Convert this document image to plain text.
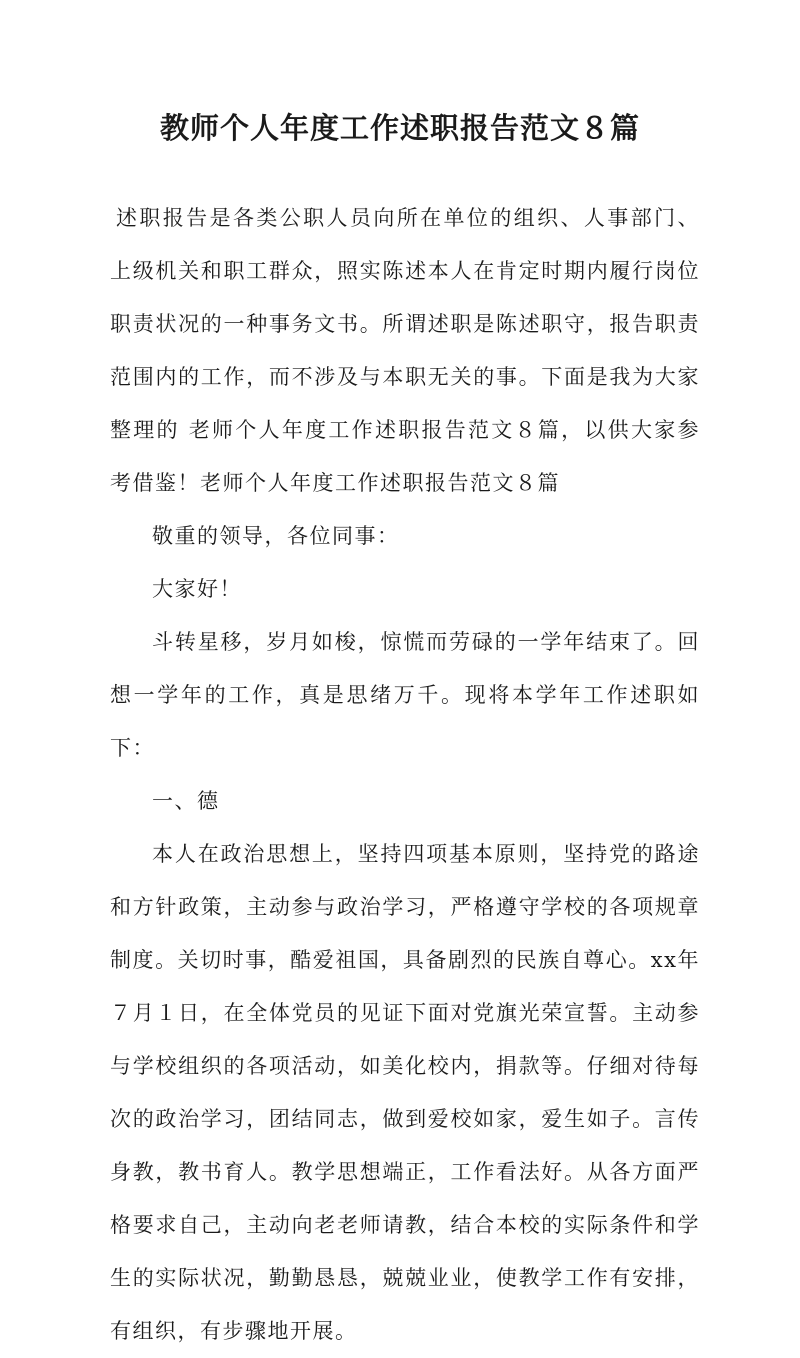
教师个人年度工作述职报告范文８篇

述职报告是各类公职人员向所在单位的组织、人事部门、上级机关和职工群众，照实陈述本人在肯定时期内履行岗位职责状况的一种事务文书。所谓述职是陈述职守，报告职责范围内的工作，而不涉及与本职无关的事。下面是我为大家整理的 老师个人年度工作述职报告范文８篇，以供大家参考借鉴！老师个人年度工作述职报告范文８篇

敬重的领导，各位同事：

大家好！

斗转星移，岁月如梭，惊慌而劳碌的一学年结束了。回想一学年的工作，真是思绪万千。现将本学年工作述职如下：

一、德

本人在政治思想上，坚持四项基本原则，坚持党的路途和方针政策，主动参与政治学习，严格遵守学校的各项规章制度。关切时事，酷爱祖国，具备剧烈的民族自尊心。xx年７月１日，在全体党员的见证下面对党旗光荣宣誓。主动参与学校组织的各项活动，如美化校内，捐款等。仔细对待每次的政治学习，团结同志，做到爱校如家，爱生如子。言传身教，教书育人。教学思想端正，工作看法好。从各方面严格要求自己，主动向老老师请教，结合本校的实际条件和学生的实际状况，勤勤恳恳，兢兢业业，使教学工作有安排，有组织，有步骤地开展。
